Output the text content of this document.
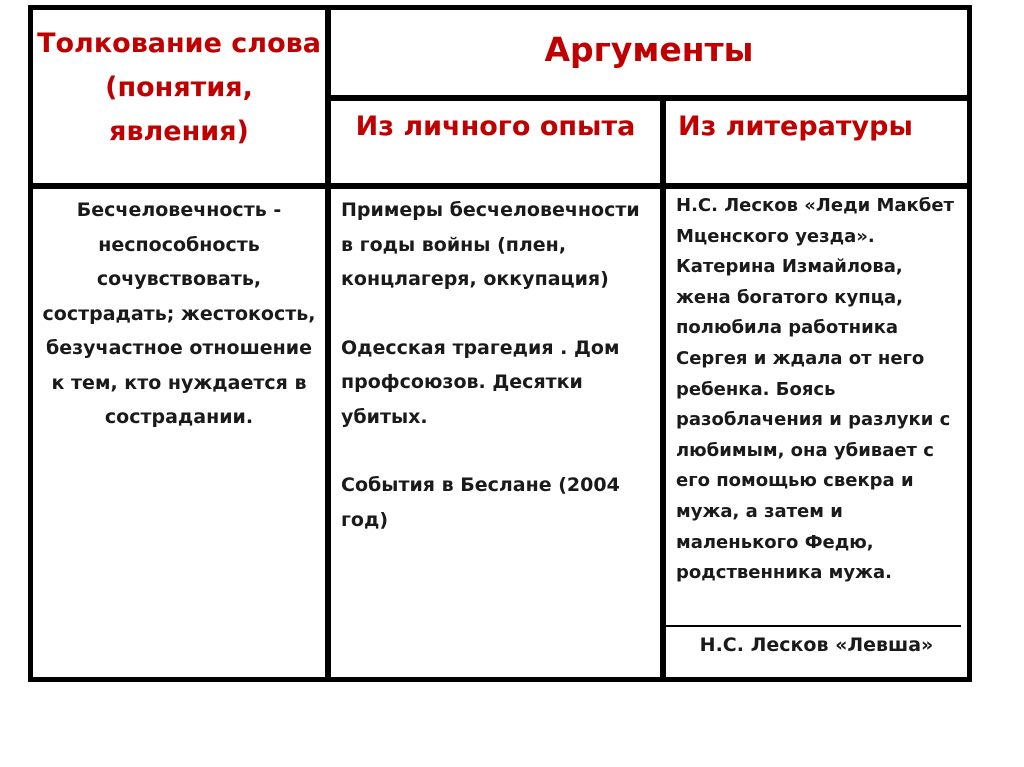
Толкование слова (понятия, явления)
Аргументы
Из личного опыта	Из литературы
Бесчеловечность - неспособность сочувствовать, сострадать; жестокость, безучастное отношение к тем, кто нуждается в сострадании.

Примеры бесчеловечности в годы войны (плен, концлагеря, оккупация)

Одесская трагедия . Дом профсоюзов. Десятки убитых.

События в Беслане (2004 год)

Н.С. Лесков «Леди Макбет Мценского уезда». Катерина Измайлова, жена богатого купца, полюбила работника Сергея и ждала от него ребенка. Боясь разоблачения и разлуки с любимым, она убивает с его помощью свекра и мужа, а затем и маленького Федю, родственника мужа.
Н.С. Лесков «Левша»
